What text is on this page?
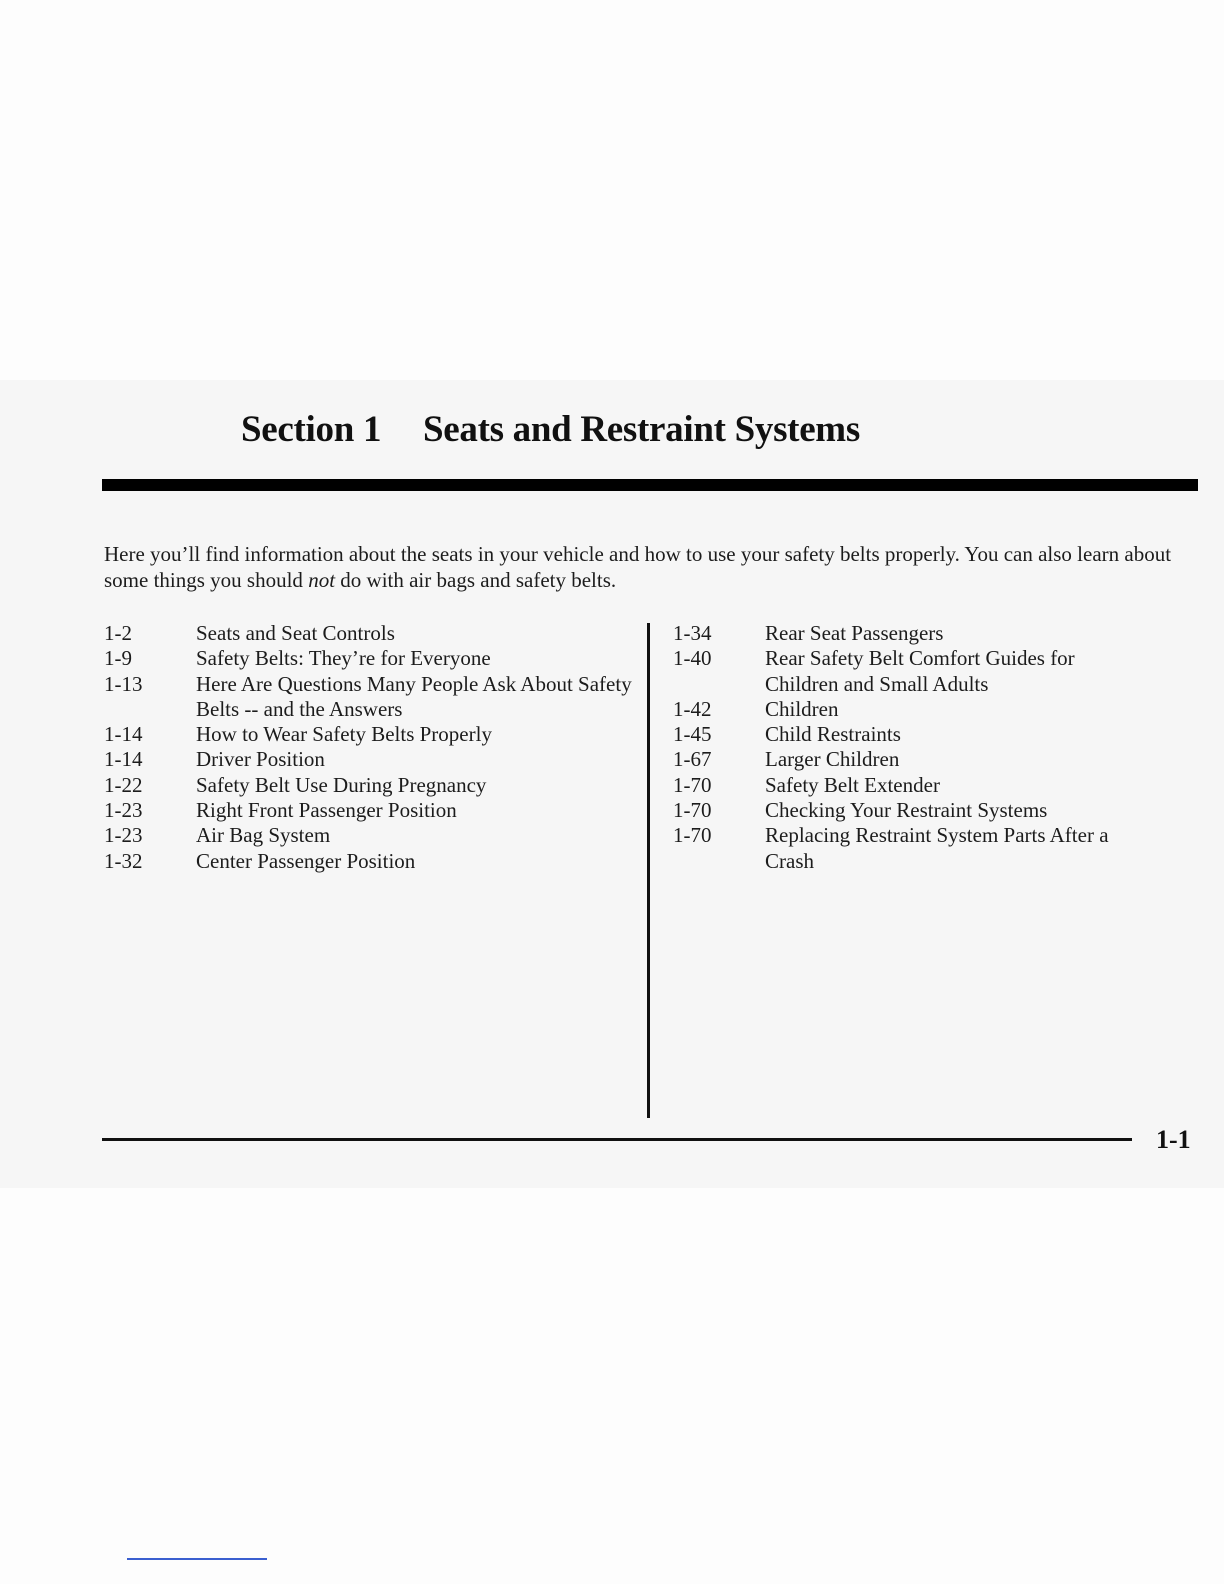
Section 1 Seats and Restraint Systems

Here you’ll find information about the seats in your vehicle and how to use your safety belts properly. You can also learn about some things you should not do with air bags and safety belts.

1-2	Seats and Seat Controls
1-9	Safety Belts: They’re for Everyone
1-13	Here Are Questions Many People Ask About Safety Belts -- and the Answers
1-14	How to Wear Safety Belts Properly
1-14	Driver Position
1-22	Safety Belt Use During Pregnancy
1-23	Right Front Passenger Position
1-23	Air Bag System
1-32	Center Passenger Position
1-34	Rear Seat Passengers
1-40	Rear Safety Belt Comfort Guides for Children and Small Adults
1-42	Children
1-45	Child Restraints
1-67	Larger Children
1-70	Safety Belt Extender
1-70	Checking Your Restraint Systems
1-70	Replacing Restraint System Parts After a Crash
1-1
